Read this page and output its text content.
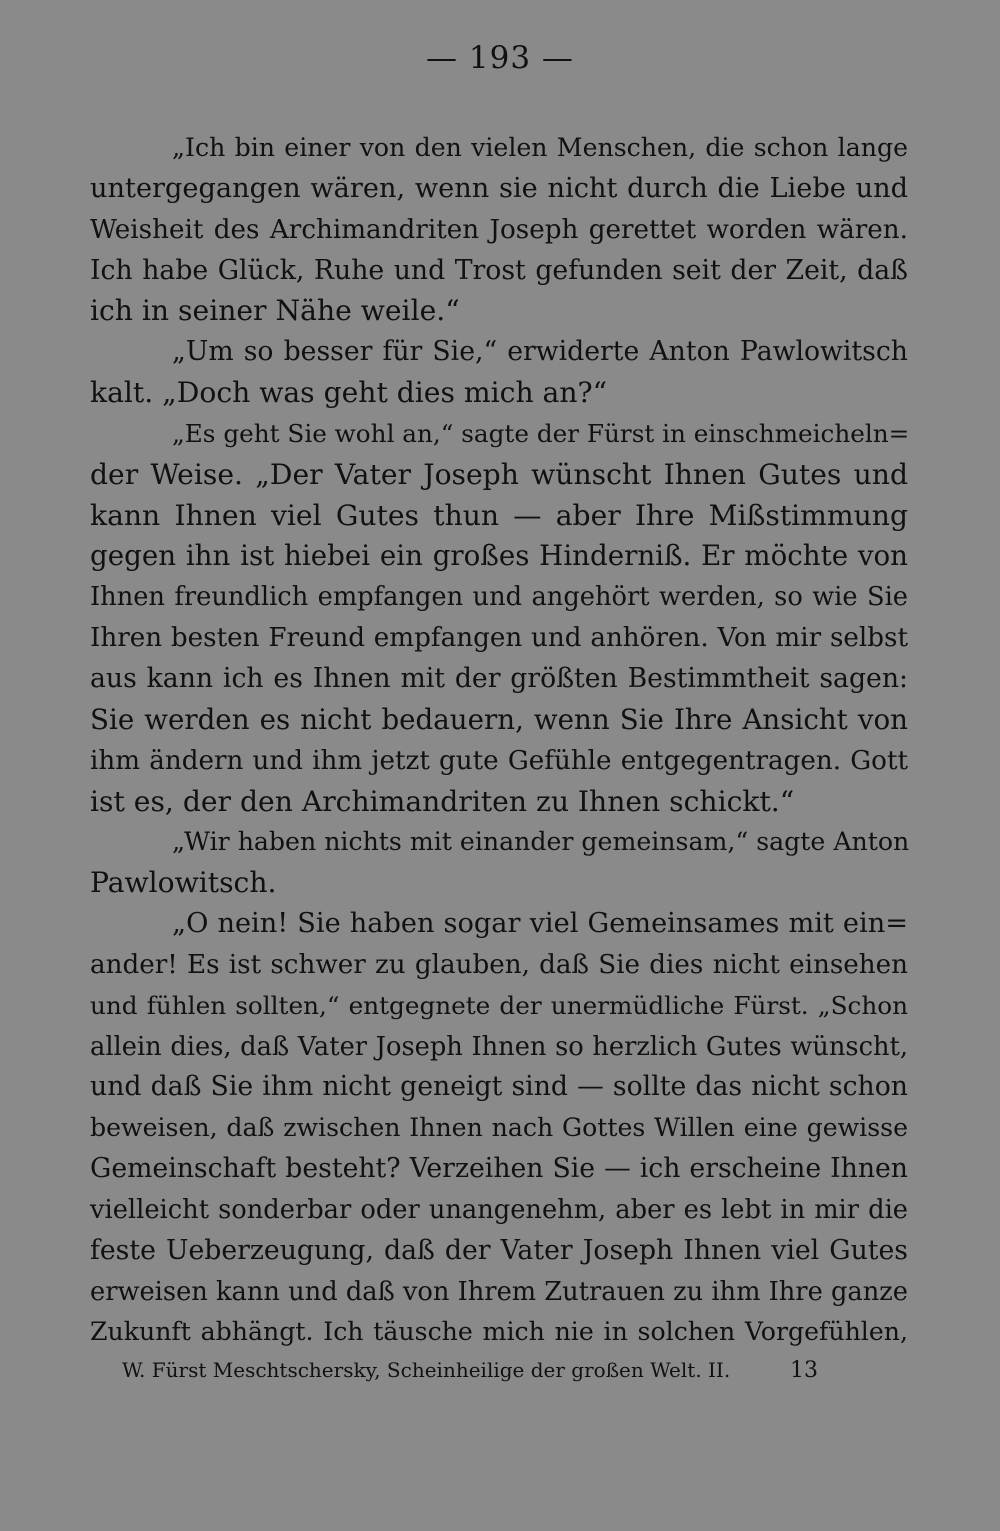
— 193 —
„Ich bin einer von den vielen Menschen, die schon lange
untergegangen wären, wenn sie nicht durch die Liebe und
Weisheit des Archimandriten Joseph gerettet worden wären.
Ich habe Glück, Ruhe und Trost gefunden seit der Zeit, daß
ich in seiner Nähe weile.“
„Um so besser für Sie,“ erwiderte Anton Pawlowitsch
kalt. „Doch was geht dies mich an?“
„Es geht Sie wohl an,“ sagte der Fürst in einschmeicheln=
der Weise. „Der Vater Joseph wünscht Ihnen Gutes und
kann Ihnen viel Gutes thun — aber Ihre Mißstimmung
gegen ihn ist hiebei ein großes Hinderniß. Er möchte von
Ihnen freundlich empfangen und angehört werden, so wie Sie
Ihren besten Freund empfangen und anhören. Von mir selbst
aus kann ich es Ihnen mit der größten Bestimmtheit sagen:
Sie werden es nicht bedauern, wenn Sie Ihre Ansicht von
ihm ändern und ihm jetzt gute Gefühle entgegentragen. Gott
ist es, der den Archimandriten zu Ihnen schickt.“
„Wir haben nichts mit einander gemeinsam,“ sagte Anton
Pawlowitsch.
„O nein! Sie haben sogar viel Gemeinsames mit ein=
ander! Es ist schwer zu glauben, daß Sie dies nicht einsehen
und fühlen sollten,“ entgegnete der unermüdliche Fürst. „Schon
allein dies, daß Vater Joseph Ihnen so herzlich Gutes wünscht,
und daß Sie ihm nicht geneigt sind — sollte das nicht schon
beweisen, daß zwischen Ihnen nach Gottes Willen eine gewisse
Gemeinschaft besteht? Verzeihen Sie — ich erscheine Ihnen
vielleicht sonderbar oder unangenehm, aber es lebt in mir die
feste Ueberzeugung, daß der Vater Joseph Ihnen viel Gutes
erweisen kann und daß von Ihrem Zutrauen zu ihm Ihre ganze
Zukunft abhängt. Ich täusche mich nie in solchen Vorgefühlen,
W. Fürst Meschtschersky, Scheinheilige der großen Welt. II.	13
